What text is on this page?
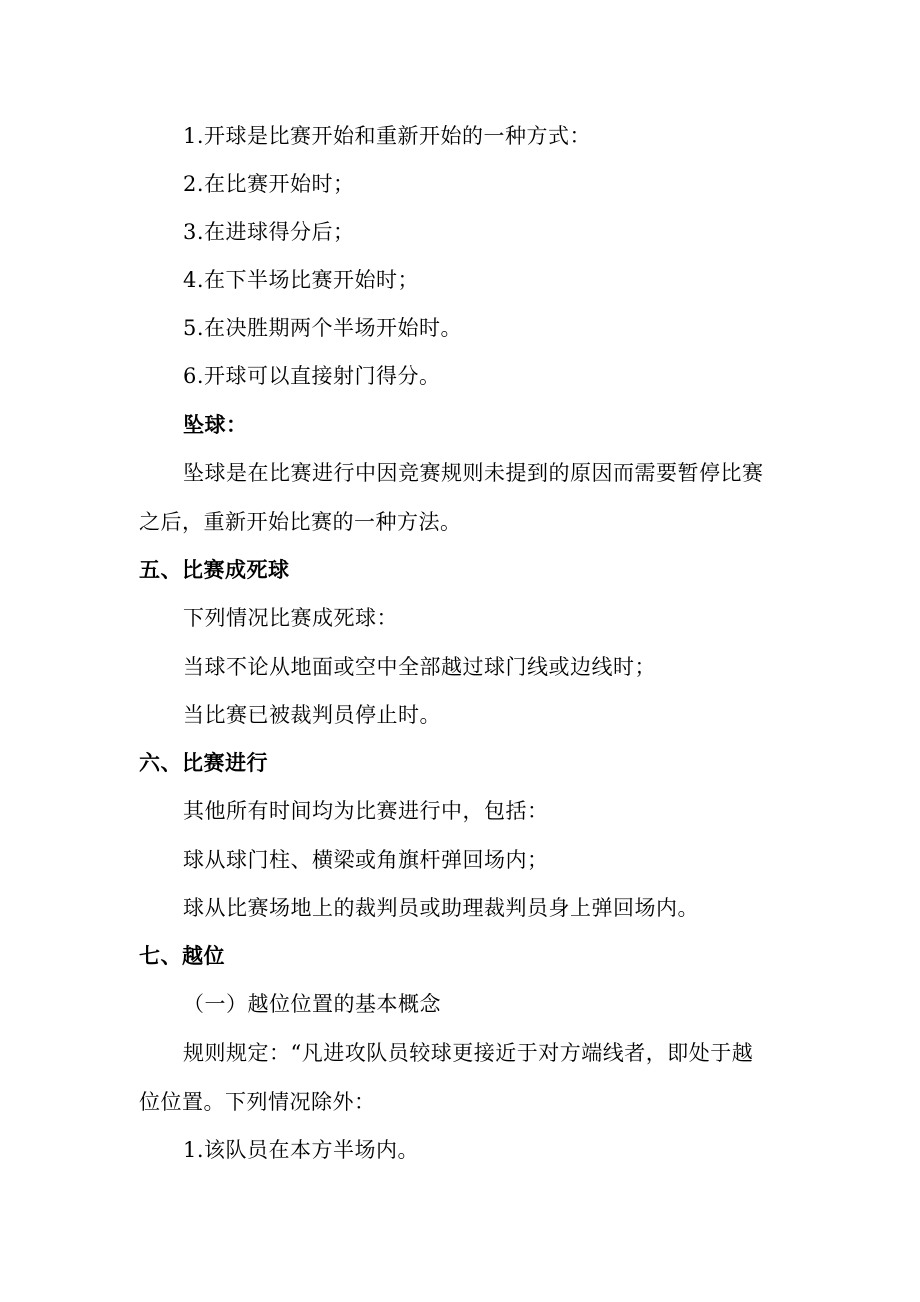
1.开球是比赛开始和重新开始的一种方式：
2.在比赛开始时；
3.在进球得分后；
4.在下半场比赛开始时；
5.在决胜期两个半场开始时。
6.开球可以直接射门得分。
坠球：
坠球是在比赛进行中因竞赛规则未提到的原因而需要暂停比赛
之后，重新开始比赛的一种方法。
五、比赛成死球
下列情况比赛成死球：
当球不论从地面或空中全部越过球门线或边线时；
当比赛已被裁判员停止时。
六、比赛进行
其他所有时间均为比赛进行中，包括：
球从球门柱、横梁或角旗杆弹回场内；
球从比赛场地上的裁判员或助理裁判员身上弹回场内。
七、越位
（一）越位位置的基本概念
规则规定：“凡进攻队员较球更接近于对方端线者，即处于越
位位置。下列情况除外：
1.该队员在本方半场内。
